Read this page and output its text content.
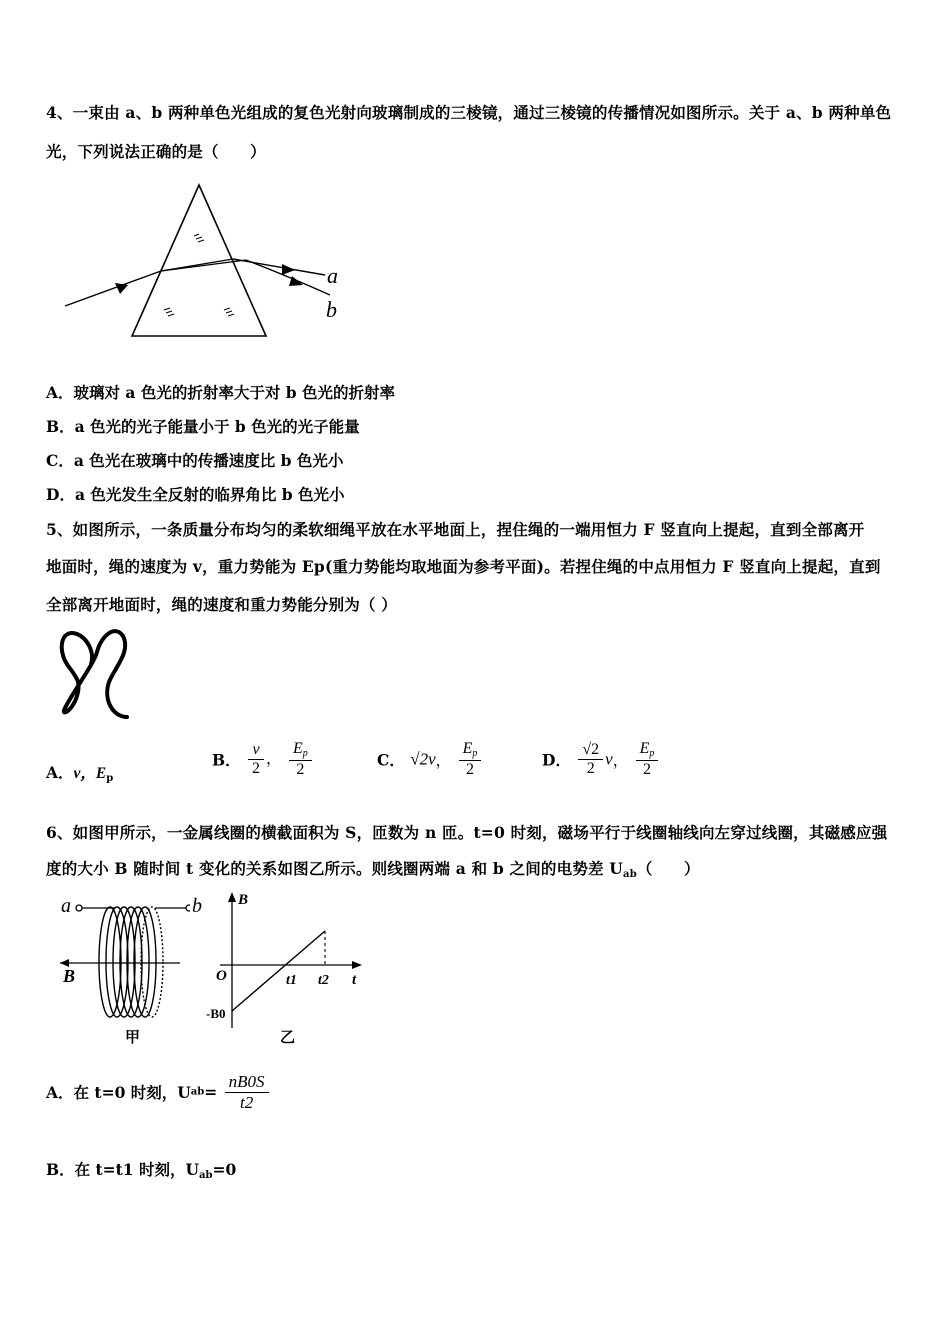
4、一束由 a、b 两种单色光组成的复色光射向玻璃制成的三棱镜，通过三棱镜的传播情况如图所示。关于 a、b 两种单色
光，下列说法正确的是（　　）
a
b
A．玻璃对 a 色光的折射率大于对 b 色光的折射率
B．a 色光的光子能量小于 b 色光的光子能量
C．a 色光在玻璃中的传播速度比 b 色光小
D．a 色光发生全反射的临界角比 b 色光小
5、如图所示，一条质量分布均匀的柔软细绳平放在水平地面上，捏住绳的一端用恒力 F 竖直向上提起，直到全部离开
地面时，绳的速度为 v，重力势能为 Ep(重力势能均取地面为参考平面)。若捏住绳的中点用恒力 F 竖直向上提起，直到
全部离开地面时，绳的速度和重力势能分别为（ ）
A．v，$E_p$
B． $\frac{v}{2}$ ， $\frac{E_p}{2}$	C． √2v， $\frac{E_p}{2}$	D． $\frac{√2}{2}$ v， $\frac{E_p}{2}$
6、如图甲所示，一金属线圈的横截面积为 S，匝数为 n 匝。t=0 时刻，磁场平行于线圈轴线向左穿过线圈，其磁感应强
度的大小 B 随时间 t 变化的关系如图乙所示。则线圈两端 a 和 b 之间的电势差 $U_{ab}$（　　）
a
B
甲
b B
t
O	t1 t2
-B0
乙
A．在 t=0 时刻，$Uab= \frac{nB0S}{t2}$
B．在 t=t1 时刻，$U_{ab}=0$
